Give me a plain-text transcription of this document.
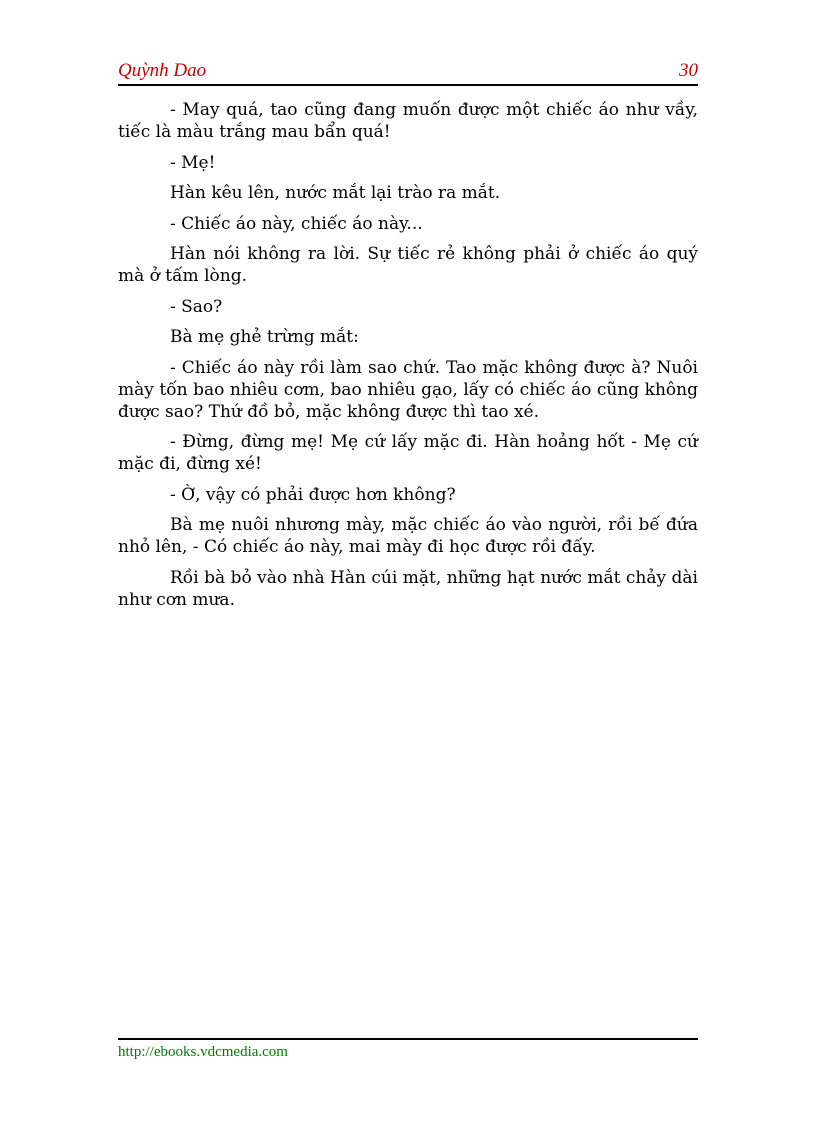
Quỳnh Dao	30

- May quá, tao cũng đang muốn được một chiếc áo như vầy, tiếc là màu trắng mau bẩn quá!

- Mẹ!

Hàn kêu lên, nước mắt lại trào ra mắt.

- Chiếc áo này, chiếc áo này...

Hàn nói không ra lời. Sự tiếc rẻ không phải ở chiếc áo quý mà ở tấm lòng.

- Sao?

Bà mẹ ghẻ trừng mắt:

- Chiếc áo này rồi làm sao chứ. Tao mặc không được à? Nuôi mày tốn bao nhiêu cơm, bao nhiêu gạo, lấy có chiếc áo cũng không được sao? Thứ đồ bỏ, mặc không được thì tao xé.

- Đừng, đừng mẹ! Mẹ cứ lấy mặc đi. Hàn hoảng hốt - Mẹ cứ mặc đi, đừng xé!

- Ờ, vậy có phải được hơn không?

Bà mẹ nuôi nhương mày, mặc chiếc áo vào người, rồi bế đứa nhỏ lên, - Có chiếc áo này, mai mày đi học được rồi đấy.

Rồi bà bỏ vào nhà Hàn cúi mặt, những hạt nước mắt chảy dài như cơn mưa.

http://ebooks.vdcmedia.com
